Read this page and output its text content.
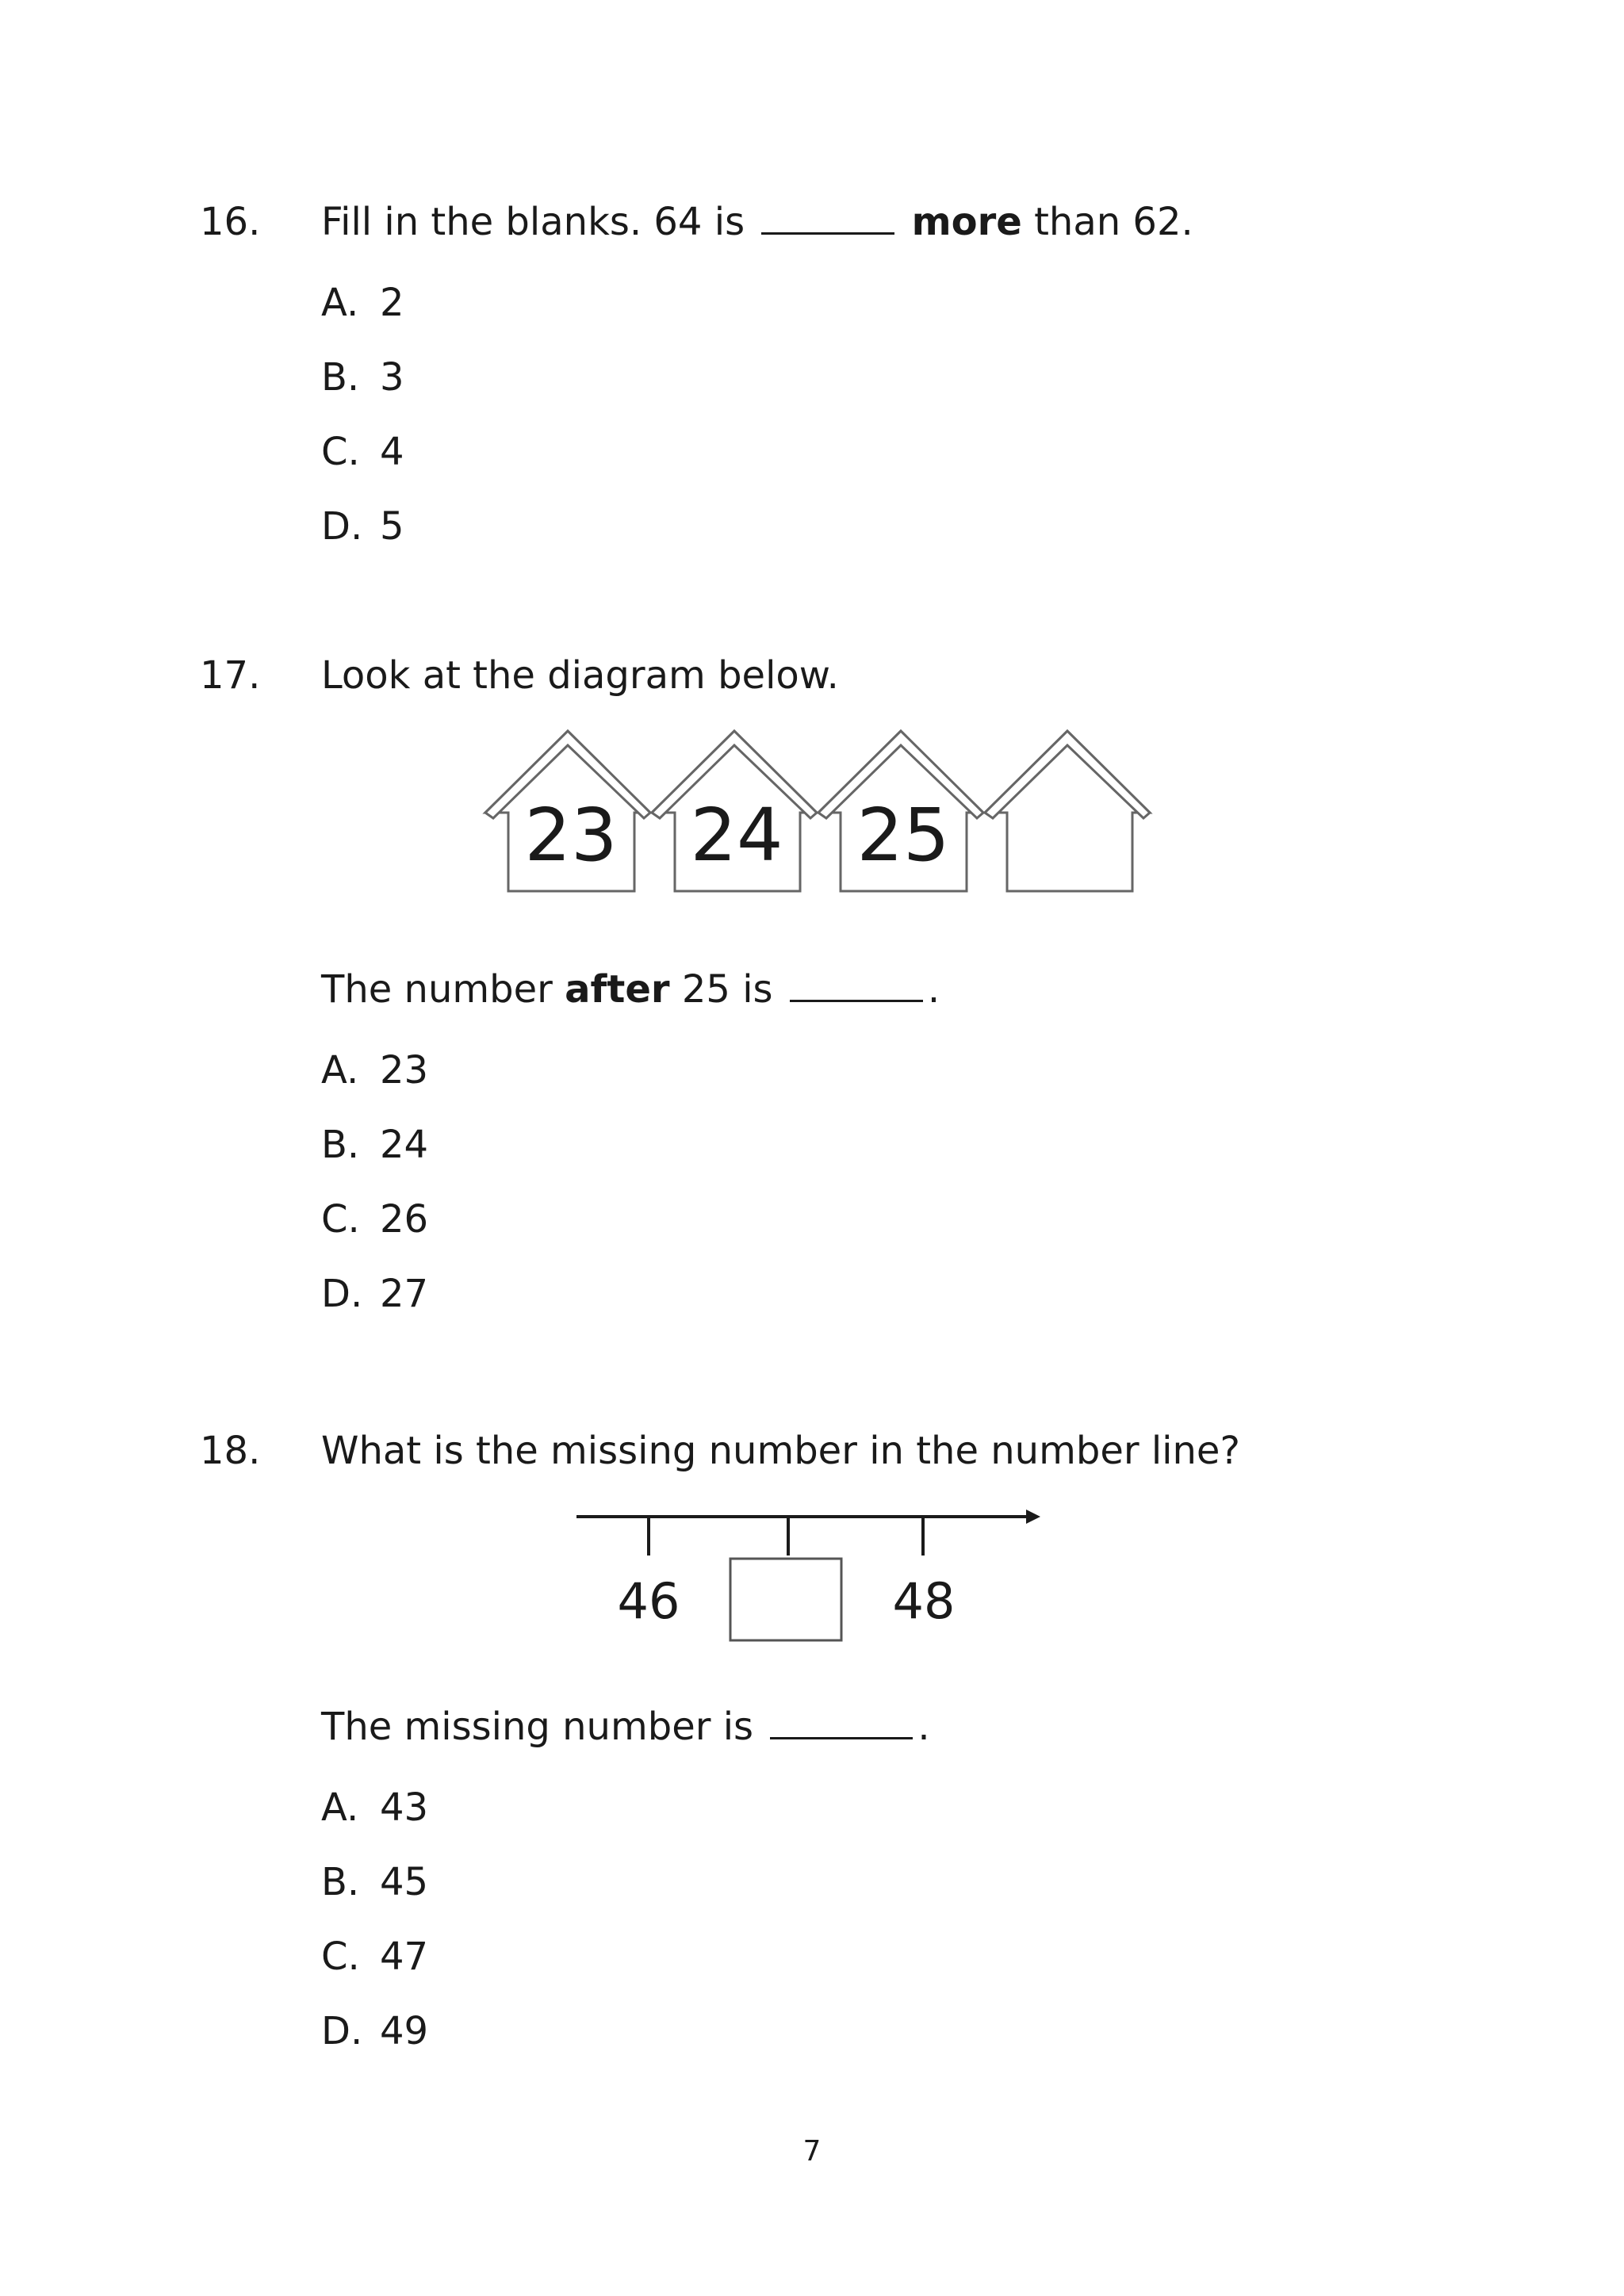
16. Fill in the blanks. 64 is	more than 62.
A. 2
B. 3
C. 4
D. 5
17. Look at the diagram below.
23 24 25
46	48
The number after 25 is	.
A. 23
B. 24
C. 26
D. 27
18. What is the missing number in the number line?
The missing number is	.
A. 43
B. 45
C. 47
D. 49
7
